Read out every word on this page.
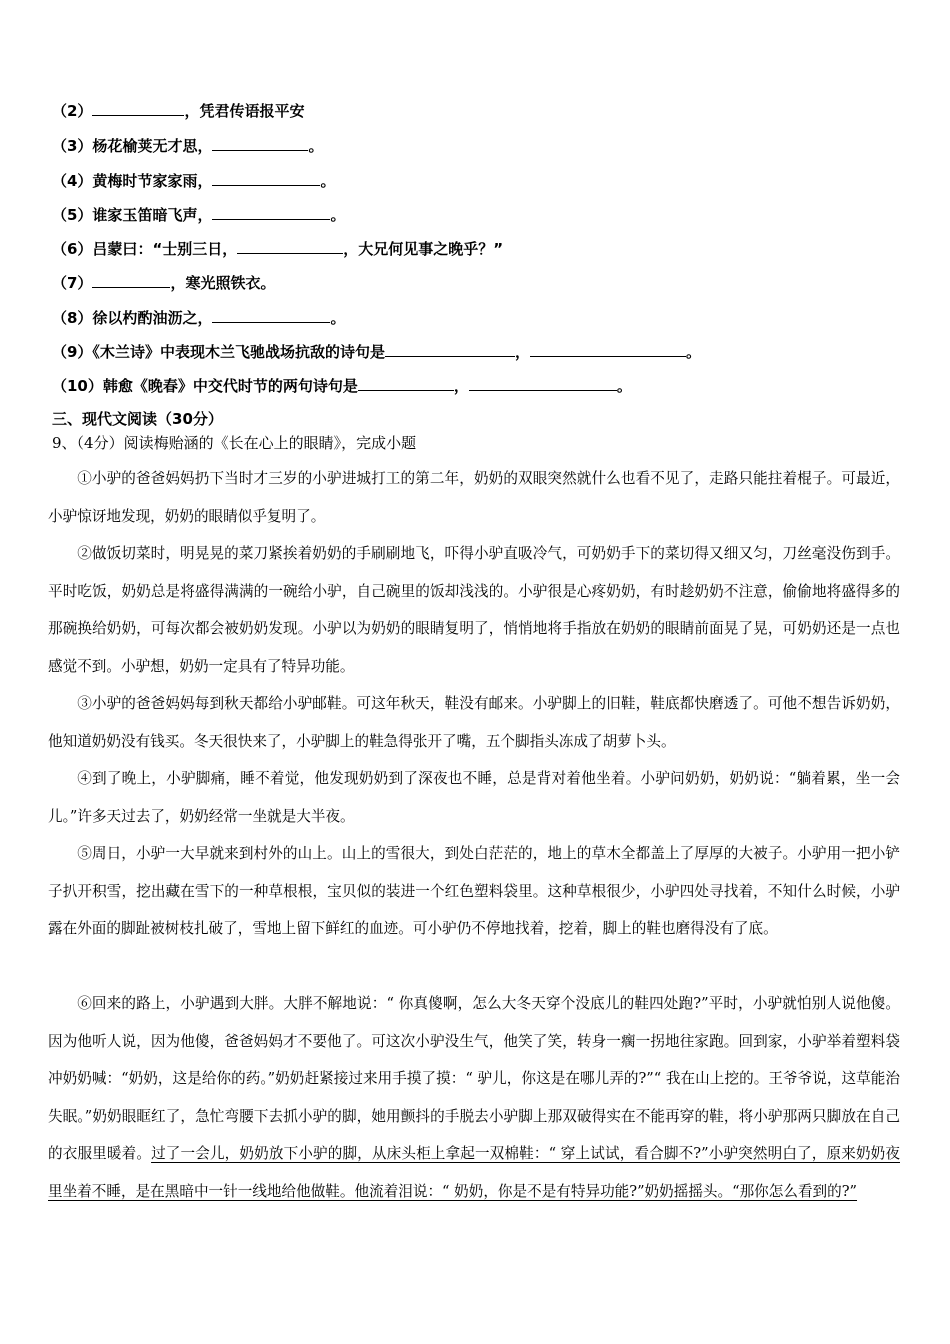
（2）	，凭君传语报平安
（3）杨花榆荚无才思，	。
（4）黄梅时节家家雨，	。
（5）谁家玉笛暗飞声，	。
（6）吕蒙曰：“士别三日，	，大兄何见事之晚乎？”
（7）	，寒光照铁衣。
（8）徐以杓酌油沥之，	。
（9）《木兰诗》中表现木兰飞驰战场抗敌的诗句是	，	。
（10）韩愈《晚春》中交代时节的两句诗句是	，	。
三、现代文阅读（30分）
9、（4分）阅读梅贻涵的《长在心上的眼睛》，完成小题
①小驴的爸爸妈妈扔下当时才三岁的小驴进城打工的第二年，奶奶的双眼突然就什么也看不见了，走路只能拄着棍子。可最近，小驴惊讶地发现，奶奶的眼睛似乎复明了。
②做饭切菜时，明晃晃的菜刀紧挨着奶奶的手刷刷地飞，吓得小驴直吸冷气，可奶奶手下的菜切得又细又匀，刀丝毫没伤到手。平时吃饭，奶奶总是将盛得满满的一碗给小驴，自己碗里的饭却浅浅的。小驴很是心疼奶奶，有时趁奶奶不注意，偷偷地将盛得多的那碗换给奶奶，可每次都会被奶奶发现。小驴以为奶奶的眼睛复明了，悄悄地将手指放在奶奶的眼睛前面晃了晃，可奶奶还是一点也感觉不到。小驴想，奶奶一定具有了特异功能。
③小驴的爸爸妈妈每到秋天都给小驴邮鞋。可这年秋天，鞋没有邮来。小驴脚上的旧鞋，鞋底都快磨透了。可他不想告诉奶奶，他知道奶奶没有钱买。冬天很快来了，小驴脚上的鞋急得张开了嘴，五个脚指头冻成了胡萝卜头。
④到了晚上，小驴脚痛，睡不着觉，他发现奶奶到了深夜也不睡，总是背对着他坐着。小驴问奶奶，奶奶说：“躺着累，坐一会儿。”许多天过去了，奶奶经常一坐就是大半夜。
⑤周日，小驴一大早就来到村外的山上。山上的雪很大，到处白茫茫的，地上的草木全都盖上了厚厚的大被子。小驴用一把小铲子扒开积雪，挖出藏在雪下的一种草根根，宝贝似的装进一个红色塑料袋里。这种草根很少，小驴四处寻找着，不知什么时候，小驴露在外面的脚趾被树枝扎破了，雪地上留下鲜红的血迹。可小驴仍不停地找着，挖着，脚上的鞋也磨得没有了底。
⑥回来的路上，小驴遇到大胖。大胖不解地说：“ 你真傻啊，怎么大冬天穿个没底儿的鞋四处跑?”平时，小驴就怕别人说他傻。因为他听人说，因为他傻，爸爸妈妈才不要他了。可这次小驴没生气，他笑了笑，转身一瘸一拐地往家跑。回到家，小驴举着塑料袋冲奶奶喊：“奶奶，这是给你的药。”奶奶赶紧接过来用手摸了摸：“ 驴儿，你这是在哪儿弄的?”“ 我在山上挖的。王爷爷说，这草能治失眠。”奶奶眼眶红了，急忙弯腰下去抓小驴的脚，她用颤抖的手脱去小驴脚上那双破得实在不能再穿的鞋，将小驴那两只脚放在自己的衣服里暖着。过了一会儿，奶奶放下小驴的脚，从床头柜上拿起一双棉鞋：“ 穿上试试，看合脚不?”小驴突然明白了，原来奶奶夜里坐着不睡，是在黑暗中一针一线地给他做鞋。他流着泪说：“ 奶奶，你是不是有特异功能?”奶奶摇摇头。“那你怎么看到的?”
